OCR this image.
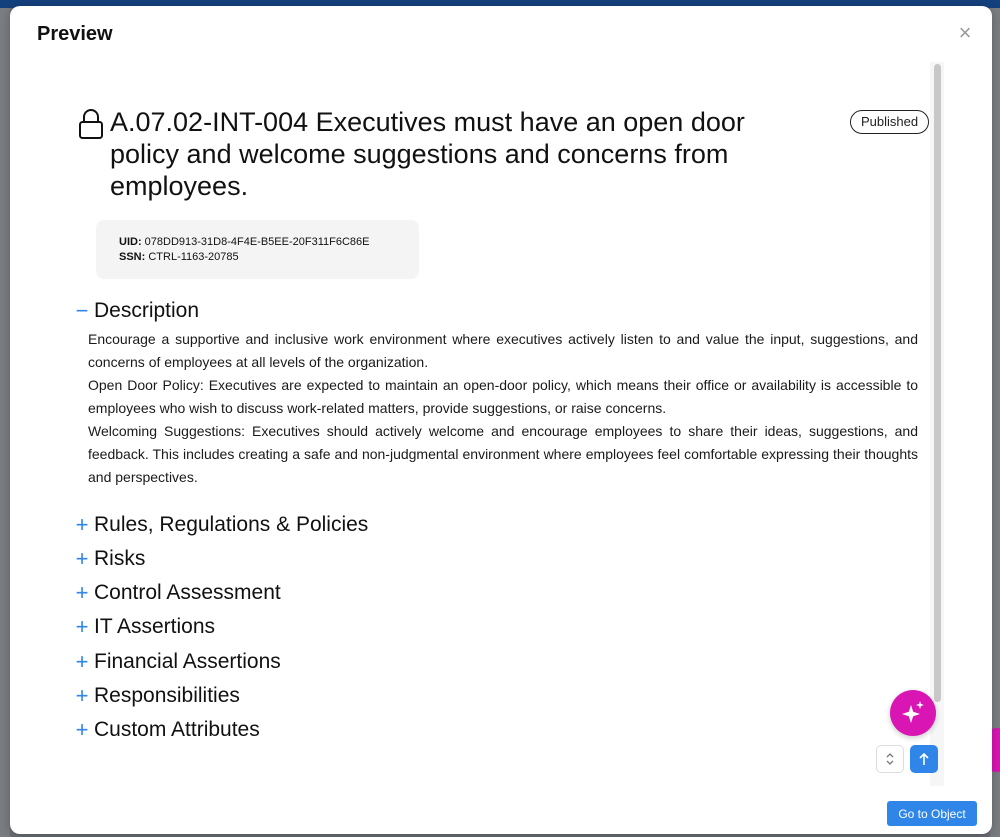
Preview	×
A.07.02-INT-004 Executives must have an open door policy and welcome suggestions and concerns from employees.
Published
UID: 078DD913-31D8-4F4E-B5EE-20F311F6C86E
SSN: CTRL-1163-20785
− Description

Encourage a supportive and inclusive work environment where executives actively listen to and value the input, suggestions, and concerns of employees at all levels of the organization.

Open Door Policy: Executives are expected to maintain an open-door policy, which means their office or availability is accessible to employees who wish to discuss work-related matters, provide suggestions, or raise concerns.

Welcoming Suggestions: Executives should actively welcome and encourage employees to share their ideas, suggestions, and feedback. This includes creating a safe and non-judgmental environment where employees feel comfortable expressing their thoughts and perspectives.

+ Rules, Regulations & Policies
+ Risks
+ Control Assessment
+ IT Assertions
+ Financial Assertions
+ Responsibilities
+ Custom Attributes
Go to Object
